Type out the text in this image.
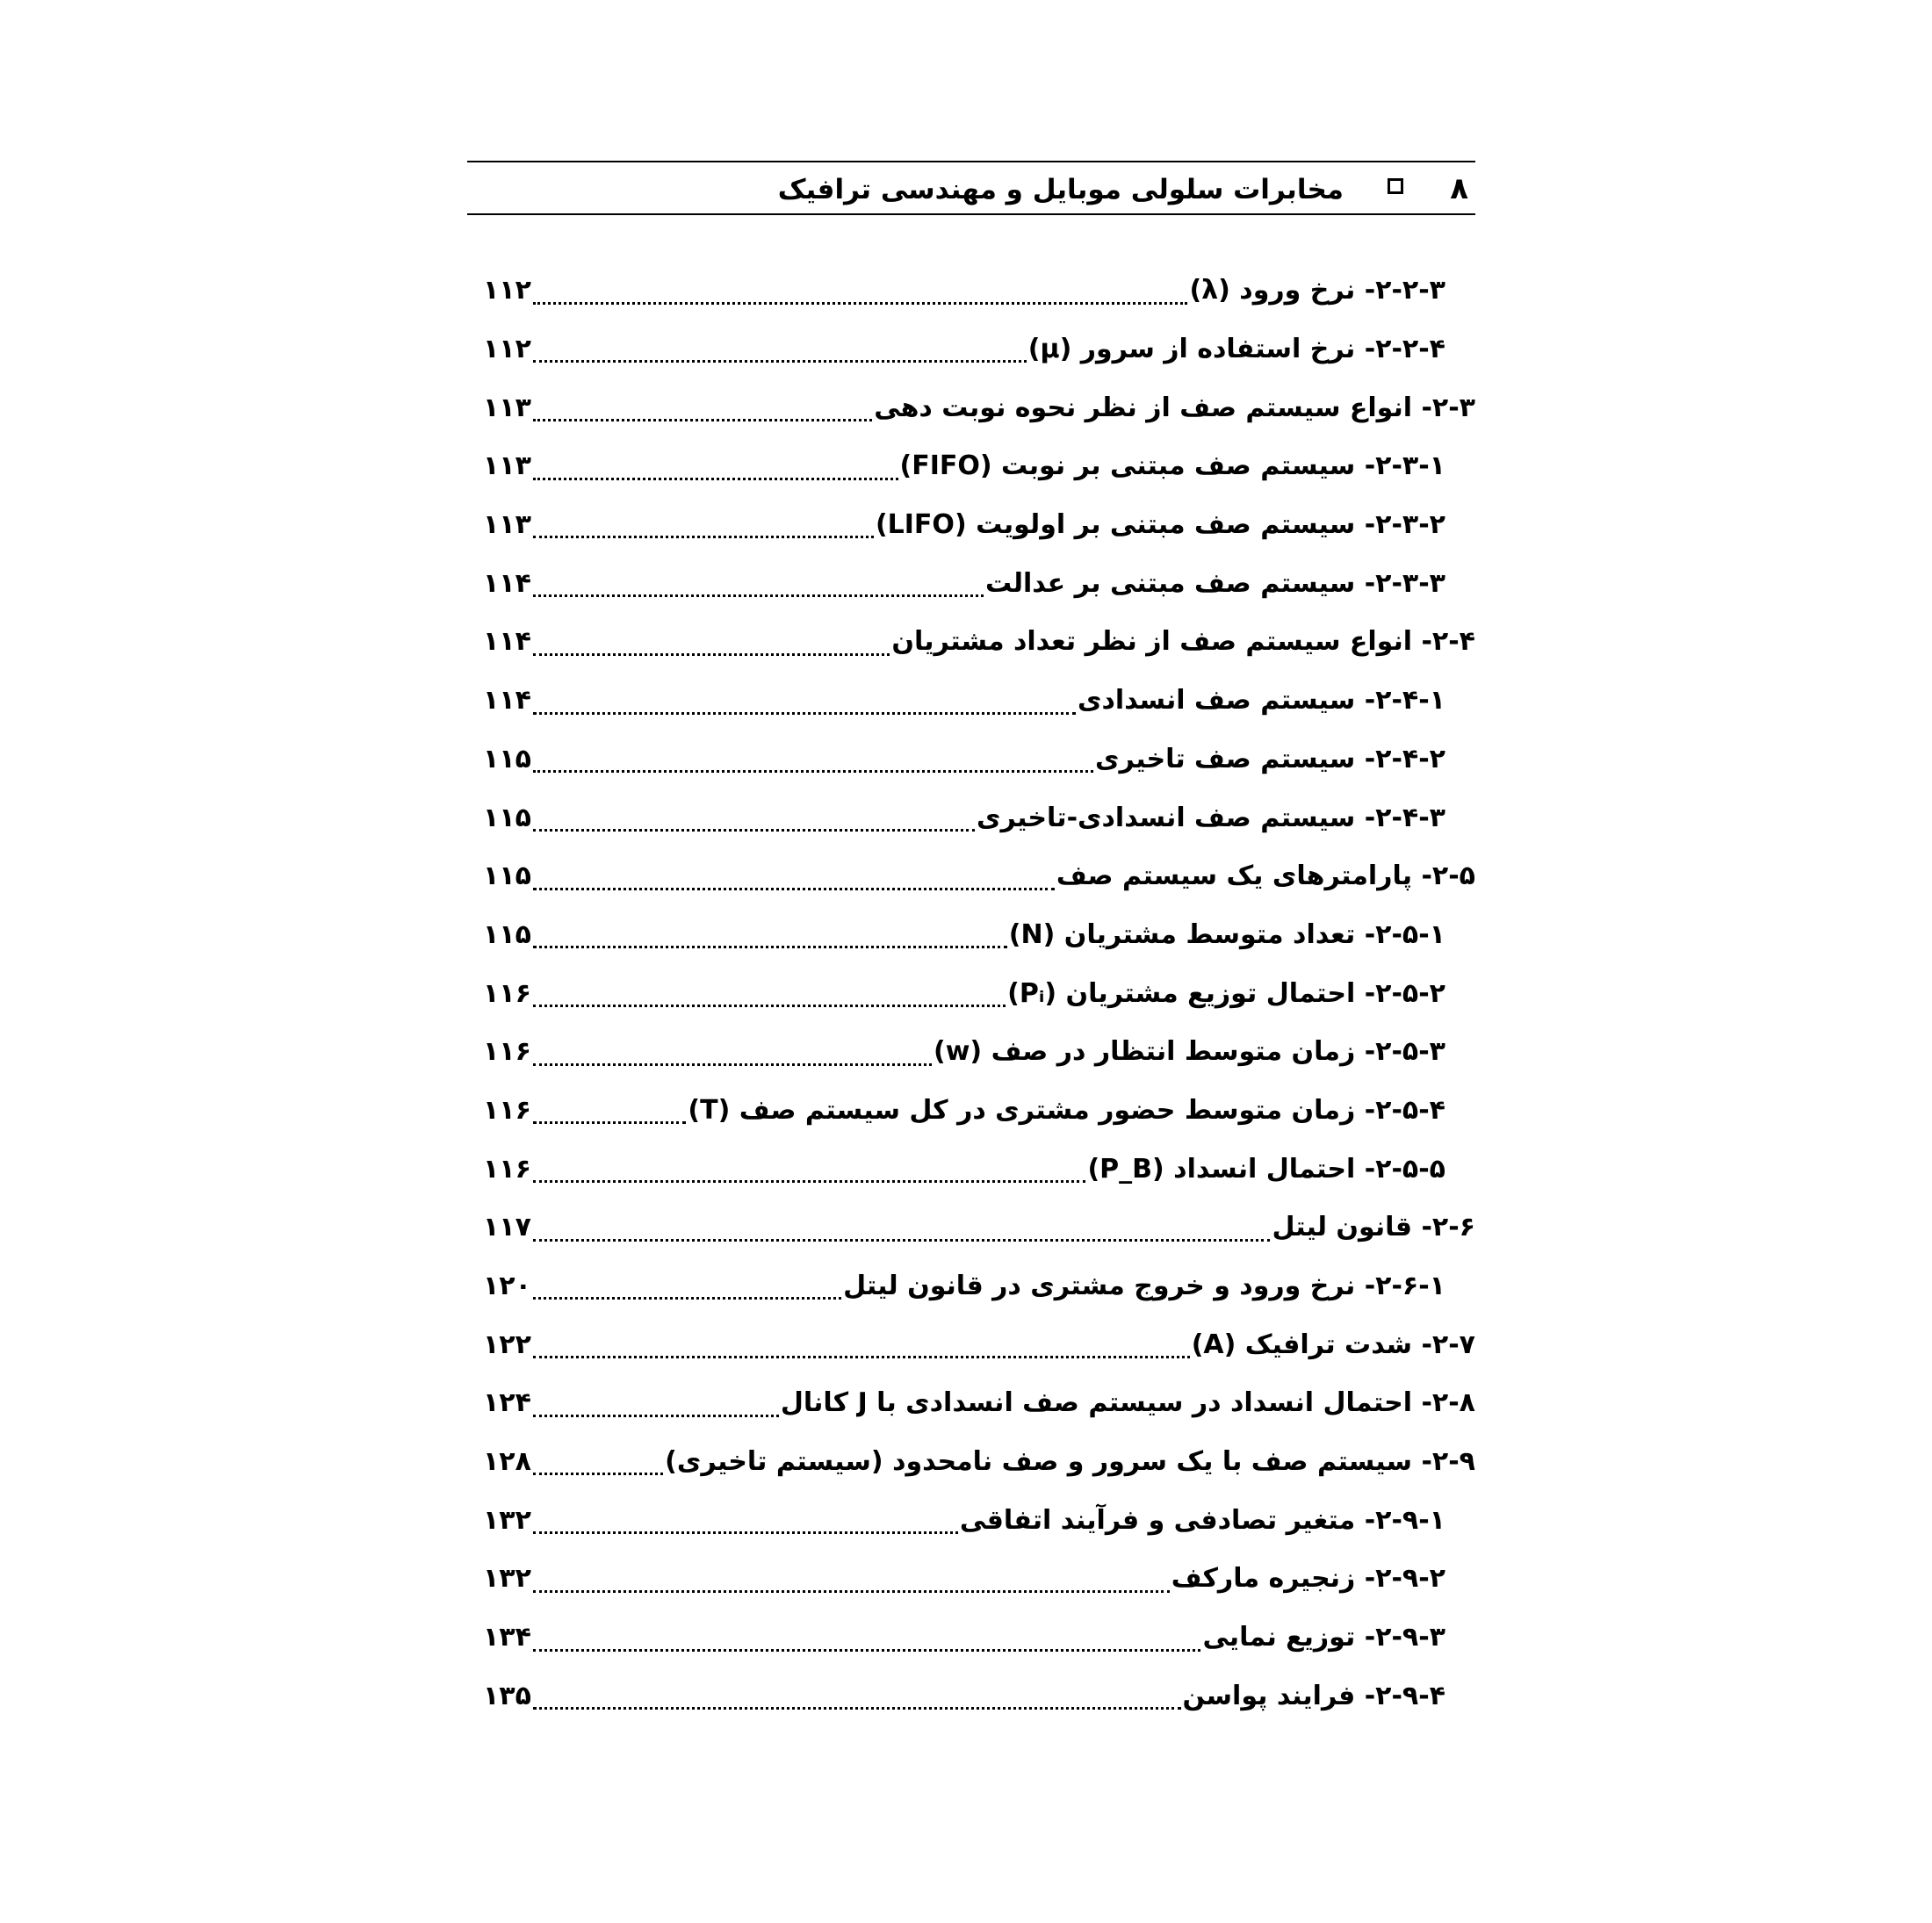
۸
مخابرات سلولی موبایل و مهندسی ترافیک
۲-۲-۳- نرخ ورود (λ)
۱۱۲
۲-۲-۴- نرخ استفاده از سرور (μ)
۱۱۲
۲-۳- انواع سیستم صف از نظر نحوه نوبت دهی
۱۱۳
۲-۳-۱- سیستم صف مبتنی بر نوبت (FIFO)
۱۱۳
۲-۳-۲- سیستم صف مبتنی بر اولویت (LIFO)
۱۱۳
۲-۳-۳- سیستم صف مبتنی بر عدالت
۱۱۴
۲-۴- انواع سیستم صف از نظر تعداد مشتریان
۱۱۴
۲-۴-۱- سیستم صف انسدادی
۱۱۴
۲-۴-۲- سیستم صف تاخیری
۱۱۵
۲-۴-۳- سیستم صف انسدادی-تاخیری
۱۱۵
۲-۵- پارامترهای یک سیستم صف
۱۱۵
۲-۵-۱- تعداد متوسط مشتریان (N)
۱۱۵
۲-۵-۲- احتمال توزیع مشتریان (Pᵢ)
۱۱۶
۲-۵-۳- زمان متوسط انتظار در صف (w)
۱۱۶
۲-۵-۴- زمان متوسط حضور مشتری در کل سیستم صف (T)
۱۱۶
۲-۵-۵- احتمال انسداد (P_B)
۱۱۶
۲-۶- قانون لیتل
۱۱۷
۲-۶-۱- نرخ ورود و خروج مشتری در قانون لیتل
۱۲۰
۲-۷- شدت ترافیک (A)
۱۲۲
۲-۸- احتمال انسداد در سیستم صف انسدادی با J کانال
۱۲۴
۲-۹- سیستم صف با یک سرور و صف نامحدود (سیستم تاخیری)
۱۲۸
۲-۹-۱- متغیر تصادفی و فرآیند اتفاقی
۱۳۲
۲-۹-۲- زنجیره مارکف
۱۳۲
۲-۹-۳- توزیع نمایی
۱۳۴
۲-۹-۴- فرایند پواسن
۱۳۵
